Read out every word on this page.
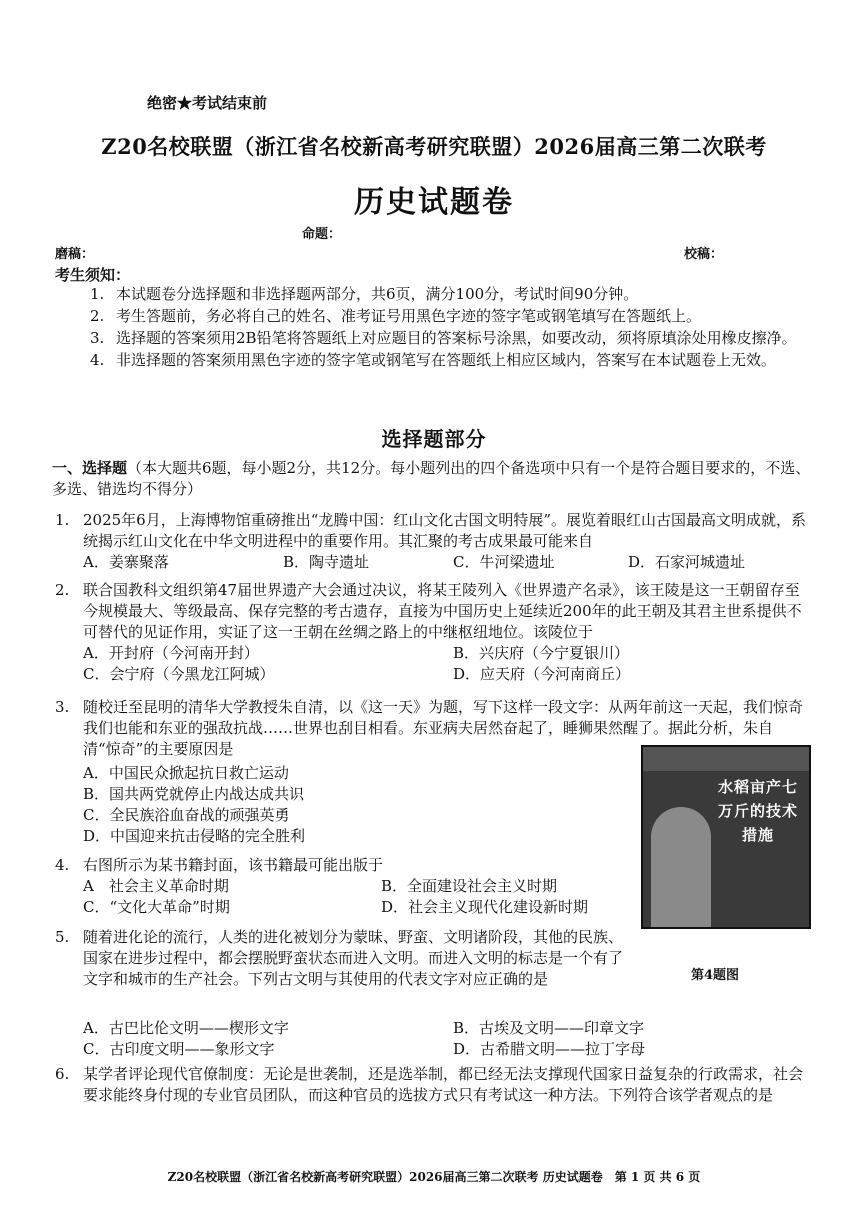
绝密★考试结束前
Z20名校联盟（浙江省名校新高考研究联盟）2026届高三第二次联考
历史试题卷
命题：
磨稿：	校稿：
考生须知：
1. 本试题卷分选择题和非选择题两部分，共6页，满分100分，考试时间90分钟。
2. 考生答题前，务必将自己的姓名、准考证号用黑色字迹的签字笔或钢笔填写在答题纸上。
3. 选择题的答案须用2B铅笔将答题纸上对应题目的答案标号涂黑，如要改动，须将原填涂处用橡皮擦净。
4. 非选择题的答案须用黑色字迹的签字笔或钢笔写在答题纸上相应区域内，答案写在本试题卷上无效。
选择题部分
一、选择题（本大题共6题，每小题2分，共12分。每小题列出的四个备选项中只有一个是符合题目要求的，不选、多选、错选均不得分）
1. 2025年6月，上海博物馆重磅推出“龙腾中国：红山文化古国文明特展”。展览着眼红山古国最高文明成就，系统揭示红山文化在中华文明进程中的重要作用。其汇聚的考古成果最可能来自
A．姜寨聚落	B．陶寺遗址	C．牛河梁遗址	D．石家河城遗址
2. 联合国教科文组织第47届世界遗产大会通过决议，将某王陵列入《世界遗产名录》，该王陵是这一王朝留存至今规模最大、等级最高、保存完整的考古遗存，直接为中国历史上延续近200年的此王朝及其君主世系提供不可替代的见证作用，实证了这一王朝在丝绸之路上的中继枢纽地位。该陵位于
A．开封府（今河南开封）	B．兴庆府（今宁夏银川）
C．会宁府（今黑龙江阿城）	D．应天府（今河南商丘）
3. 随校迁至昆明的清华大学教授朱自清，以《这一天》为题，写下这样一段文字：从两年前这一天起，我们惊奇我们也能和东亚的强敌抗战……世界也刮目相看。东亚病夫居然奋起了，睡狮果然醒了。据此分析，朱自清“惊奇”的主要原因是
A．中国民众掀起抗日救亡运动
B．国共两党就停止内战达成共识
C．全民族浴血奋战的顽强英勇
D．中国迎来抗击侵略的完全胜利
水稻亩产七万斤的技术措施
第4题图
4. 右图所示为某书籍封面，该书籍最可能出版于
A　社会主义革命时期	B．全面建设社会主义时期
C．“文化大革命”时期	D．社会主义现代化建设新时期
5. 随着进化论的流行，人类的进化被划分为蒙昧、野蛮、文明诸阶段，其他的民族、国家在进步过程中，都会摆脱野蛮状态而进入文明。而进入文明的标志是一个有了文字和城市的生产社会。下列古文明与其使用的代表文字对应正确的是
A．古巴比伦文明——楔形文字	B．古埃及文明——印章文字
C．古印度文明——象形文字	D．古希腊文明——拉丁字母
6. 某学者评论现代官僚制度：无论是世袭制，还是选举制，都已经无法支撑现代国家日益复杂的行政需求，社会要求能终身付现的专业官员团队，而这种官员的选拔方式只有考试这一种方法。下列符合该学者观点的是
Z20名校联盟（浙江省名校新高考研究联盟）2026届高三第二次联考 历史试题卷　第 1 页 共 6 页
